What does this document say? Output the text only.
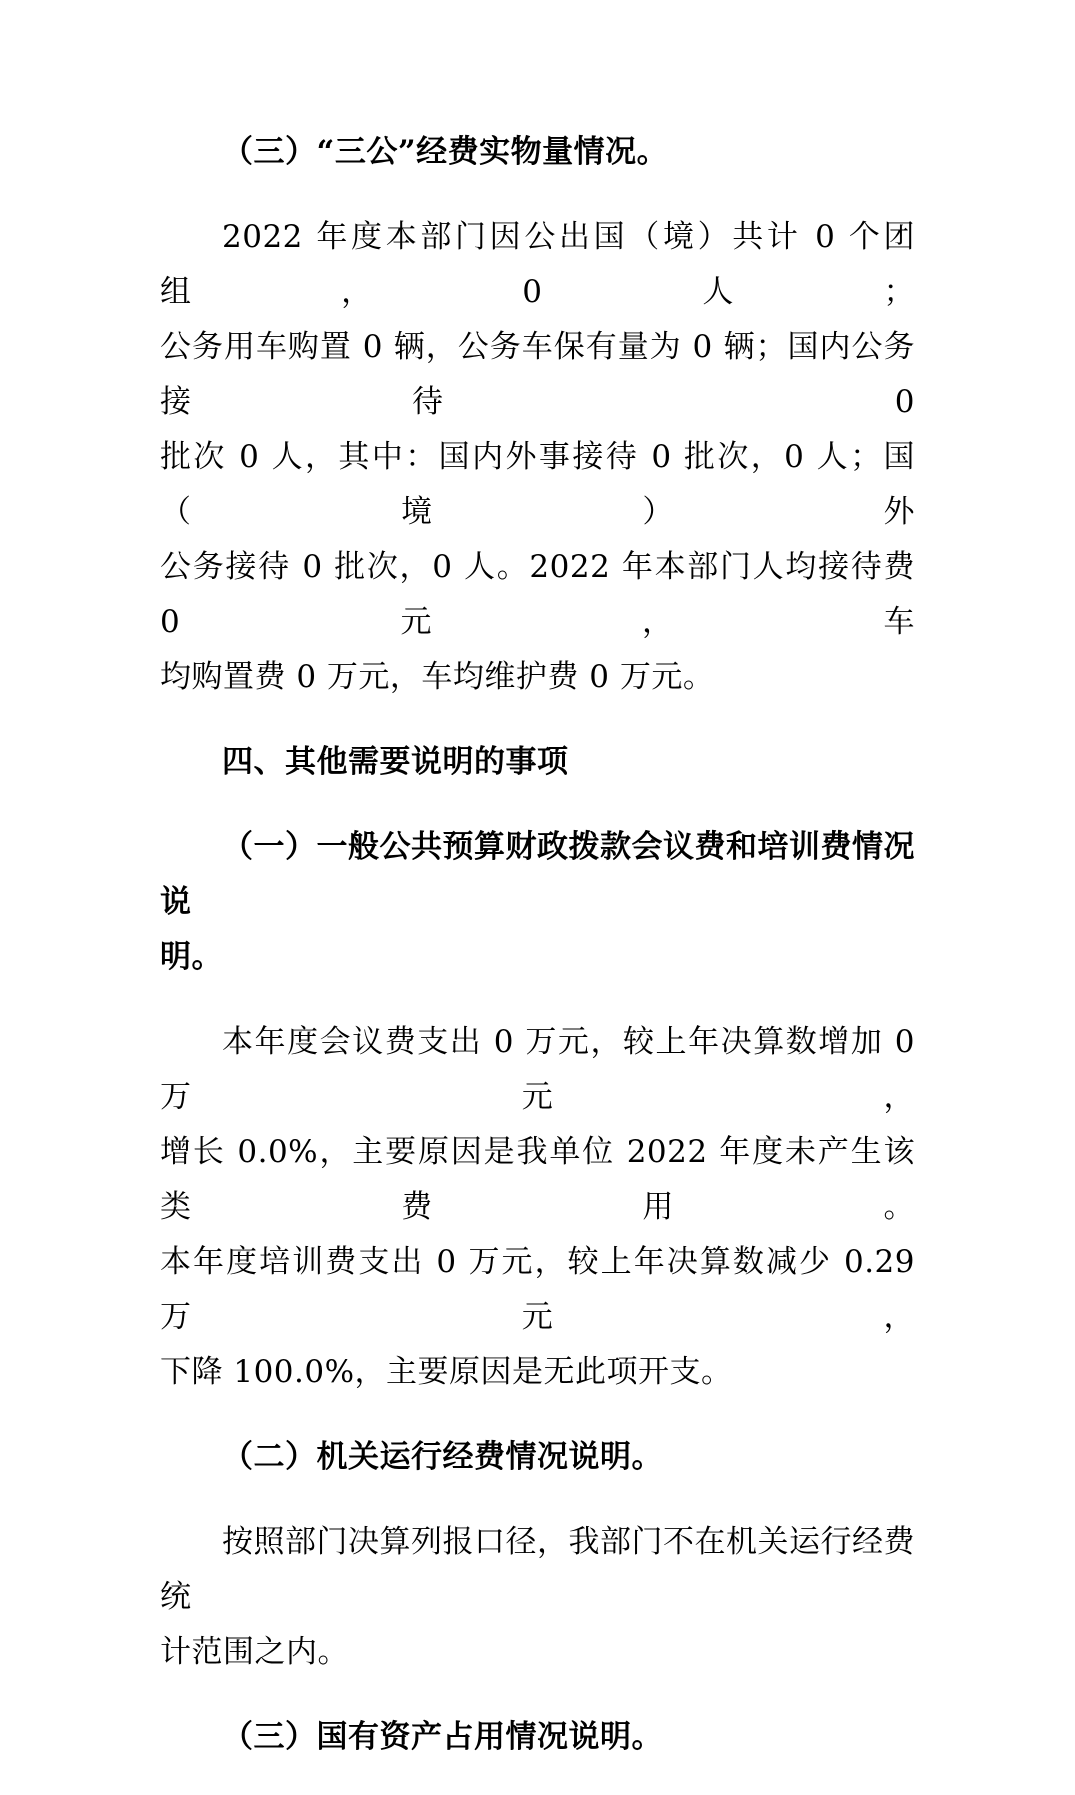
（三）“三公”经费实物量情况。
2022 年度本部门因公出国（境）共计 0 个团组，0 人；
公务用车购置 0 辆，公务车保有量为 0 辆；国内公务接待 0
批次 0 人，其中：国内外事接待 0 批次，0 人；国（境）外
公务接待 0 批次，0 人。2022 年本部门人均接待费 0 元，车
均购置费 0 万元，车均维护费 0 万元。
四、其他需要说明的事项
（一）一般公共预算财政拨款会议费和培训费情况说
明。
本年度会议费支出 0 万元，较上年决算数增加 0 万元，
增长 0.0%，主要原因是我单位 2022 年度未产生该类费用。
本年度培训费支出 0 万元，较上年决算数减少 0.29 万元，
下降 100.0%，主要原因是无此项开支。
（二）机关运行经费情况说明。
按照部门决算列报口径，我部门不在机关运行经费统
计范围之内。
（三）国有资产占用情况说明。
